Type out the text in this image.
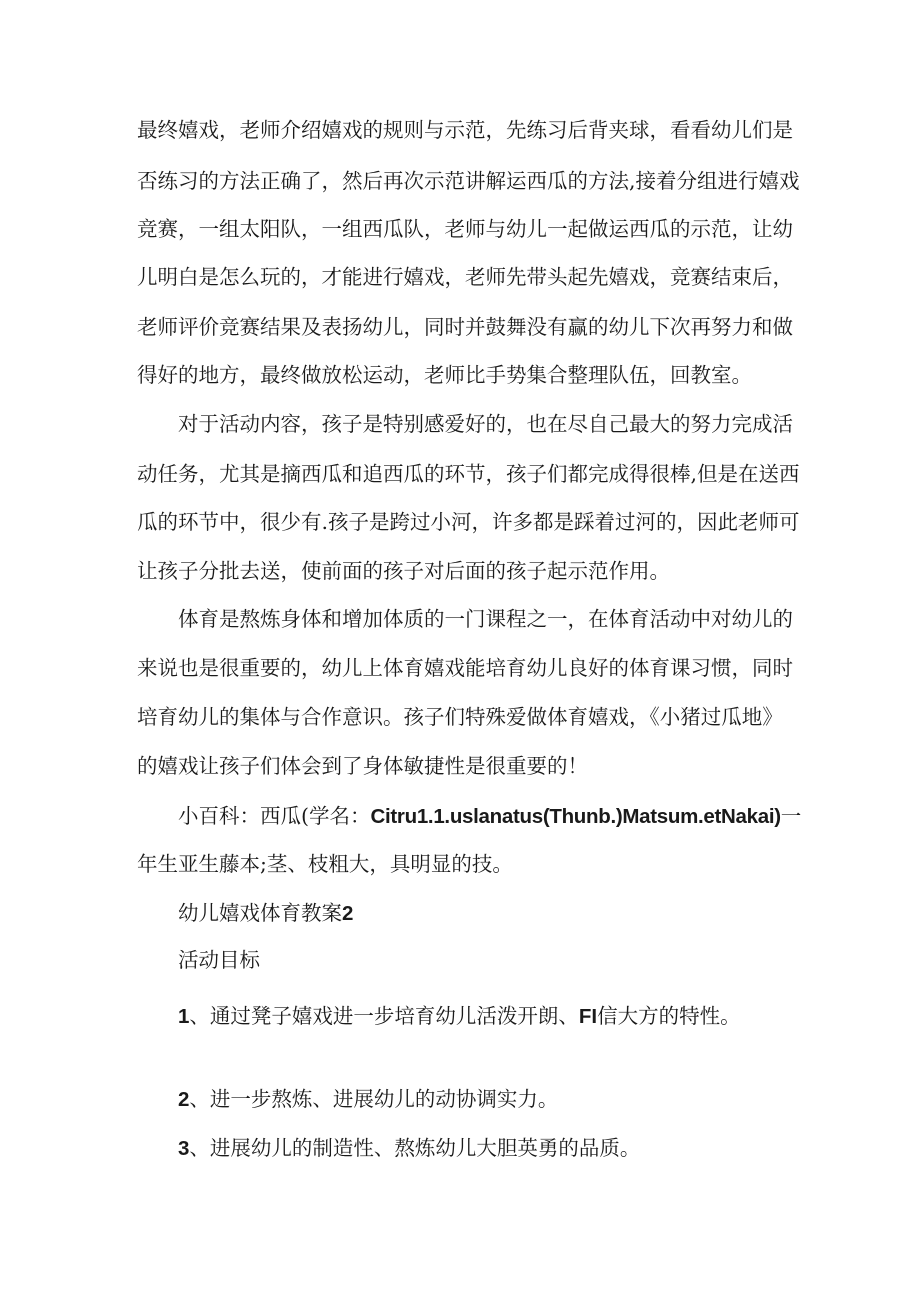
最终嬉戏，老师介绍嬉戏的规则与示范，先练习后背夹球，看看幼儿们是
否练习的方法正确了，然后再次示范讲解运西瓜的方法,接着分组进行嬉戏
竞赛，一组太阳队，一组西瓜队，老师与幼儿一起做运西瓜的示范，让幼
儿明白是怎么玩的，才能进行嬉戏，老师先带头起先嬉戏，竞赛结束后，
老师评价竞赛结果及表扬幼儿，同时并鼓舞没有赢的幼儿下次再努力和做
得好的地方，最终做放松运动，老师比手势集合整理队伍，回教室。
对于活动内容，孩子是特别感爱好的，也在尽自己最大的努力完成活
动任务，尤其是摘西瓜和追西瓜的环节，孩子们都完成得很棒,但是在送西
瓜的环节中，很少有.孩子是跨过小河，许多都是踩着过河的，因此老师可
让孩子分批去送，使前面的孩子对后面的孩子起示范作用。
体育是熬炼身体和增加体质的一门课程之一，在体育活动中对幼儿的
来说也是很重要的，幼儿上体育嬉戏能培育幼儿良好的体育课习惯，同时
培育幼儿的集体与合作意识。孩子们特殊爱做体育嬉戏，《小猪过瓜地》
的嬉戏让孩子们体会到了身体敏捷性是很重要的！
小百科：西瓜(学名：Citru1.1.uslanatus(Thunb.)Matsum.etNakai)一
年生亚生藤本;茎、枝粗大，具明显的技。
幼儿嬉戏体育教案2
活动目标
1、通过凳子嬉戏进一步培育幼儿活泼开朗、FI信大方的特性。
2、进一步熬炼、进展幼儿的动协调实力。
3、进展幼儿的制造性、熬炼幼儿大胆英勇的品质。
